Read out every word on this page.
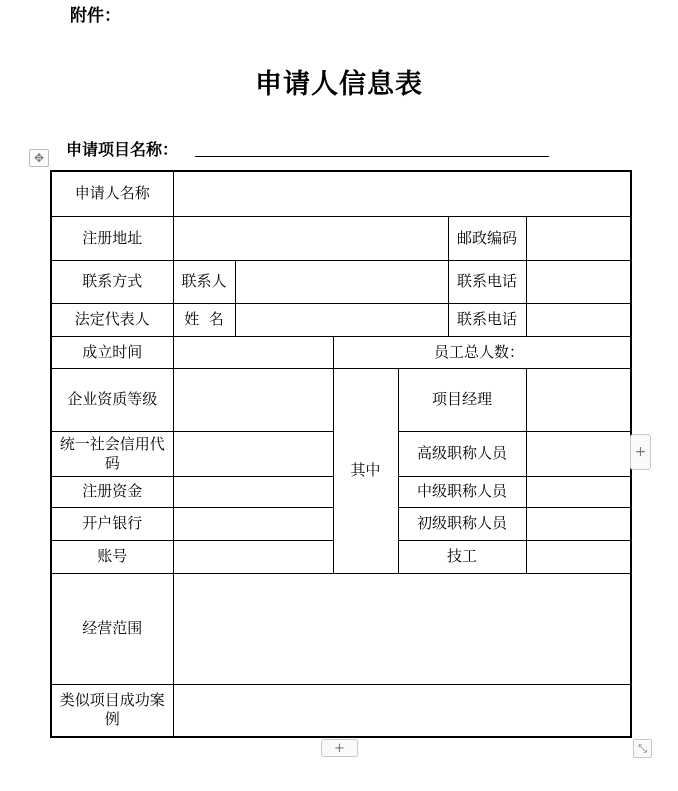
附件：
申请人信息表
申请项目名称：
✥
申请人名称						
注册地址					邮政编码	
联系方式	联系人				联系电话	
法定代表人	姓  名				联系电话	
成立时间			员工总人数：			
企业资质等级			其中	项目经理		
统一社会信用代码				高级职称人员		
注册资金				中级职称人员		
开户银行				初级职称人员		
账号				技工		
经营范围						
类似项目成功案例						
+
+	⤡
